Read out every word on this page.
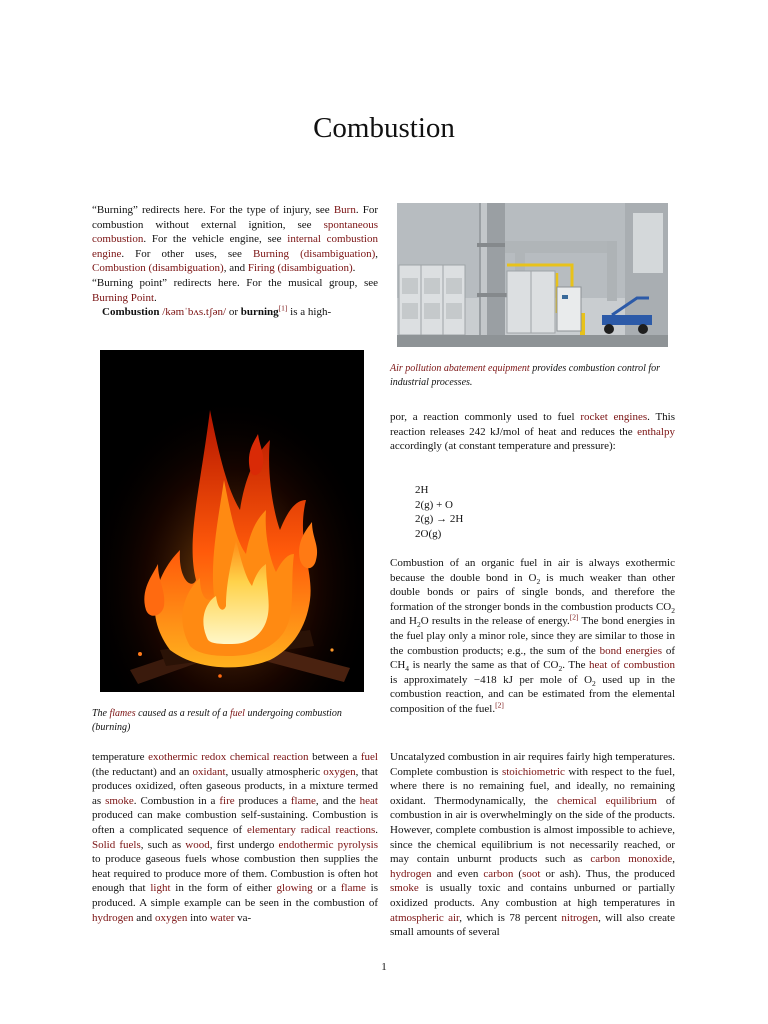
Combustion

“Burning” redirects here. For the type of injury, see Burn. For combustion without external ignition, see spontaneous combustion. For the vehicle engine, see internal combustion engine. For other uses, see Burning (disambiguation), Combustion (disambiguation), and Firing (disambiguation).

“Burning point” redirects here. For the musical group, see Burning Point.

Combustion /kəmˈbʌs.tʃən/ or burning[1] is a high-

The flames caused as a result of a fuel undergoing combustion (burning)

temperature exothermic redox chemical reaction between a fuel (the reductant) and an oxidant, usually atmospheric oxygen, that produces oxidized, often gaseous products, in a mixture termed as smoke. Combustion in a fire produces a flame, and the heat produced can make combustion self-sustaining. Combustion is often a complicated sequence of elementary radical reactions. Solid fuels, such as wood, first undergo endothermic pyrolysis to produce gaseous fuels whose combustion then supplies the heat required to produce more of them. Combustion is often hot enough that light in the form of either glowing or a flame is produced. A simple example can be seen in the combustion of hydrogen and oxygen into water va-

Air pollution abatement equipment provides combustion control for industrial processes.

por, a reaction commonly used to fuel rocket engines. This reaction releases 242 kJ/mol of heat and reduces the enthalpy accordingly (at constant temperature and pressure):

2H
2(g) + O
2(g) → 2H
2O(g)

Combustion of an organic fuel in air is always exothermic because the double bond in $O_2$ is much weaker than other double bonds or pairs of single bonds, and therefore the formation of the stronger bonds in the combustion products $CO_2$ and $H_2O$ results in the release of energy.[2] The bond energies in the fuel play only a minor role, since they are similar to those in the combustion products; e.g., the sum of the bond energies of $CH_4$ is nearly the same as that of $CO_2$. The heat of combustion is approximately −418 kJ per mole of $O_2$ used up in the combustion reaction, and can be estimated from the elemental composition of the fuel.[2]

Uncatalyzed combustion in air requires fairly high temperatures. Complete combustion is stoichiometric with respect to the fuel, where there is no remaining fuel, and ideally, no remaining oxidant. Thermodynamically, the chemical equilibrium of combustion in air is overwhelmingly on the side of the products. However, complete combustion is almost impossible to achieve, since the chemical equilibrium is not necessarily reached, or may contain unburnt products such as carbon monoxide, hydrogen and even carbon (soot or ash). Thus, the produced smoke is usually toxic and contains unburned or partially oxidized products. Any combustion at high temperatures in atmospheric air, which is 78 percent nitrogen, will also create small amounts of several

1
